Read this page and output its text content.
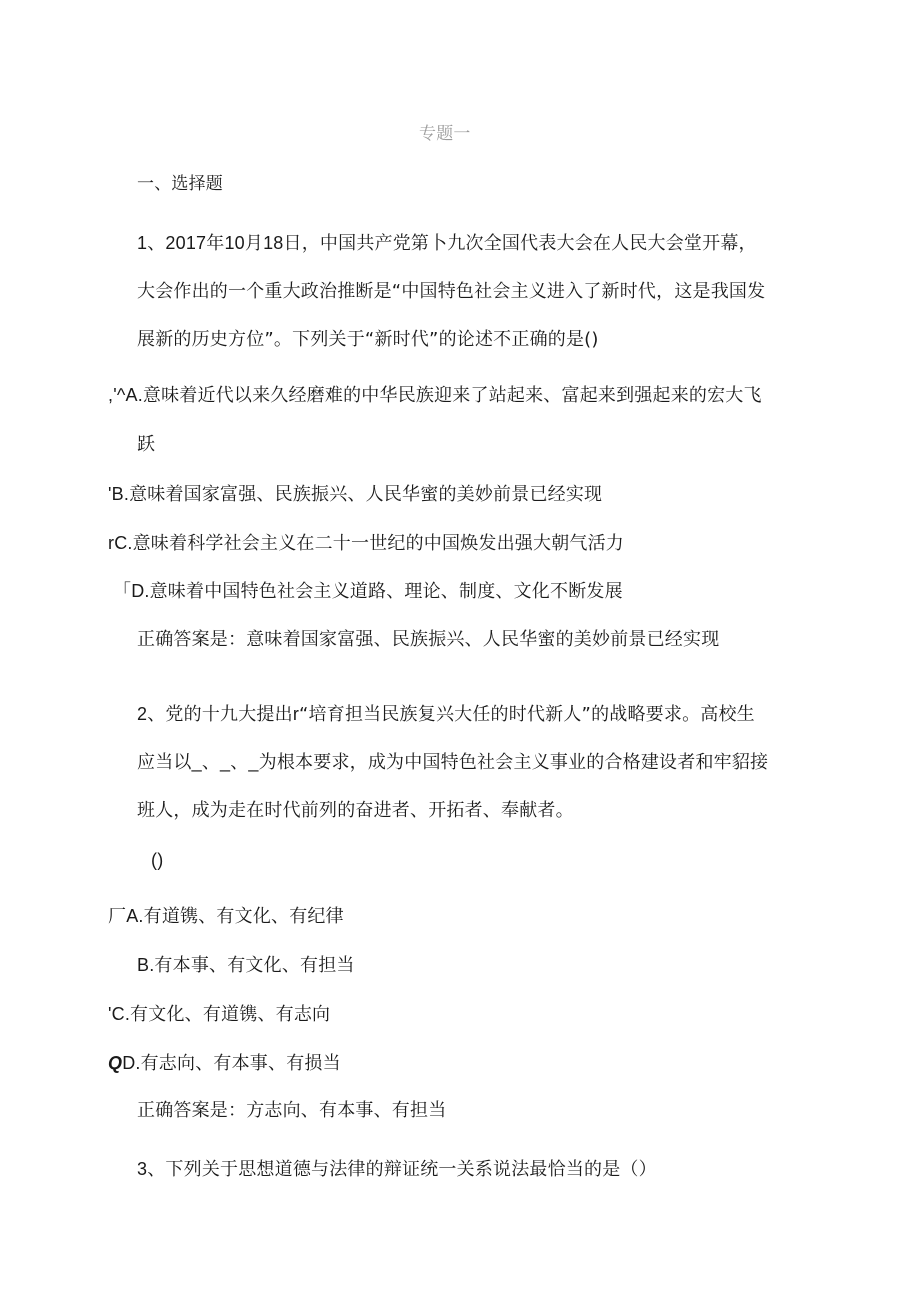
专题一
一、选择题
1、2017年10月18日，中国共产党第卜九次全国代表大会在人民大会堂开幕，
大会作出的一个重大政治推断是“中国特色社会主义进入了新时代，这是我国发
展新的历史方位”。下列关于“新时代”的论述不正确的是()
,'^A.意味着近代以来久经磨难的中华民族迎来了站起来、富起来到强起来的宏大飞
跃
'B.意味着国家富强、民族振兴、人民华蜜的美妙前景已经实现
rC.意味着科学社会主义在二十一世纪的中国焕发出强大朝气活力
「D.意味着中国特色社会主义道路、理论、制度、文化不断发展
正确答案是：意味着国家富强、民族振兴、人民华蜜的美妙前景已经实现
2、党的十九大提出r“培育担当民族复兴大任的时代新人”的战略要求。高校生
应当以_、_、_为根本要求，成为中国特色社会主义事业的合格建设者和牢貂接
班人，成为走在时代前列的奋进者、开拓者、奉献者。
()
厂A.有道镌、有文化、有纪律
B.有本事、有文化、有担当
'C.有文化、有道镌、有志向
QD.有志向、有本事、有损当
正确答案是：方志向、有本事、有担当
3、下列关于思想道德与法律的辩证统一关系说法最恰当的是（）
